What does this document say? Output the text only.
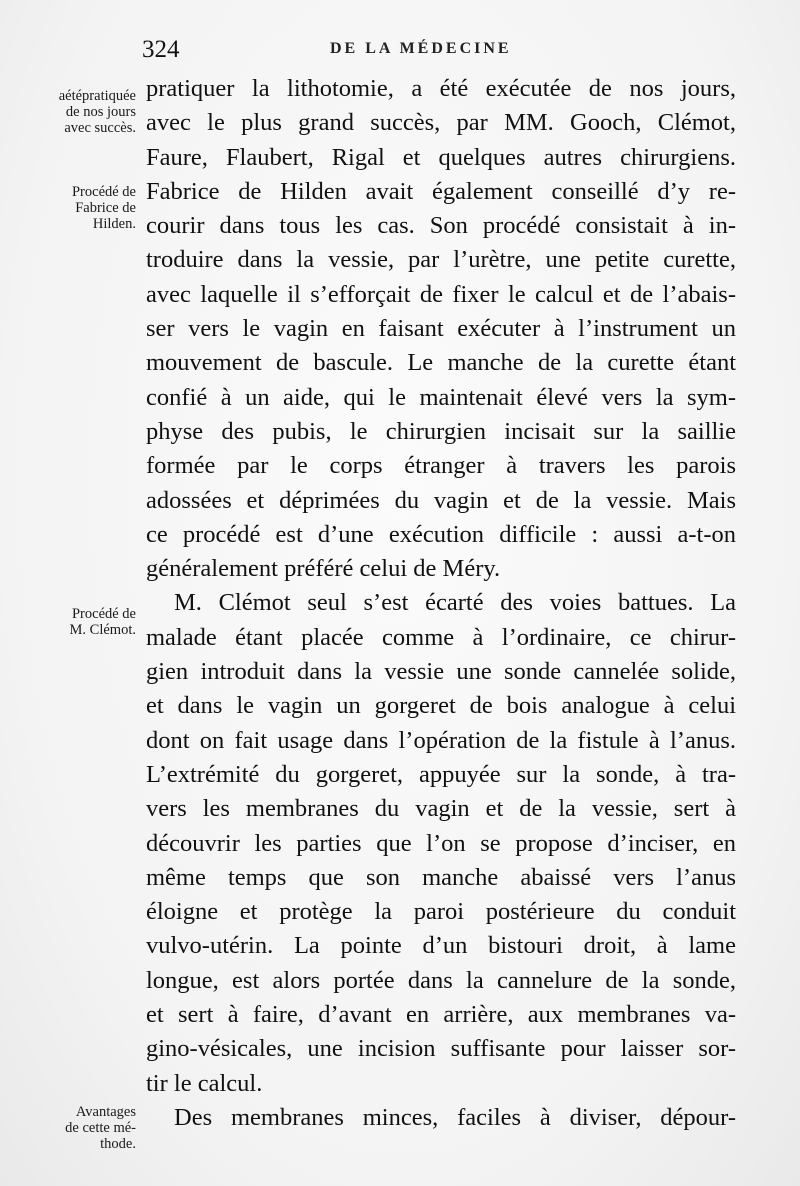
324	DE LA MÉDECINE
aétépratiquée
de nos jours
avec succès.
Procédé de
Fabrice de
Hilden.
Procédé de
M. Clémot.
Avantages
de cette mé-
thode.
pratiquer la lithotomie, a été exécutée de nos jours,
avec le plus grand succès, par MM. Gooch, Clémot,
Faure, Flaubert, Rigal et quelques autres chirurgiens.
Fabrice de Hilden avait également conseillé d’y re-
courir dans tous les cas. Son procédé consistait à in-
troduire dans la vessie, par l’urètre, une petite curette,
avec laquelle il s’efforçait de fixer le calcul et de l’abais-
ser vers le vagin en faisant exécuter à l’instrument un
mouvement de bascule. Le manche de la curette étant
confié à un aide, qui le maintenait élevé vers la sym-
physe des pubis, le chirurgien incisait sur la saillie
formée par le corps étranger à travers les parois
adossées et déprimées du vagin et de la vessie. Mais
ce procédé est d’une exécution difficile : aussi a-t-on
généralement préféré celui de Méry.
M. Clémot seul s’est écarté des voies battues. La
malade étant placée comme à l’ordinaire, ce chirur-
gien introduit dans la vessie une sonde cannelée solide,
et dans le vagin un gorgeret de bois analogue à celui
dont on fait usage dans l’opération de la fistule à l’anus.
L’extrémité du gorgeret, appuyée sur la sonde, à tra-
vers les membranes du vagin et de la vessie, sert à
découvrir les parties que l’on se propose d’inciser, en
même temps que son manche abaissé vers l’anus
éloigne et protège la paroi postérieure du conduit
vulvo-utérin. La pointe d’un bistouri droit, à lame
longue, est alors portée dans la cannelure de la sonde,
et sert à faire, d’avant en arrière, aux membranes va-
gino-vésicales, une incision suffisante pour laisser sor-
tir le calcul.
Des membranes minces, faciles à diviser, dépour-
